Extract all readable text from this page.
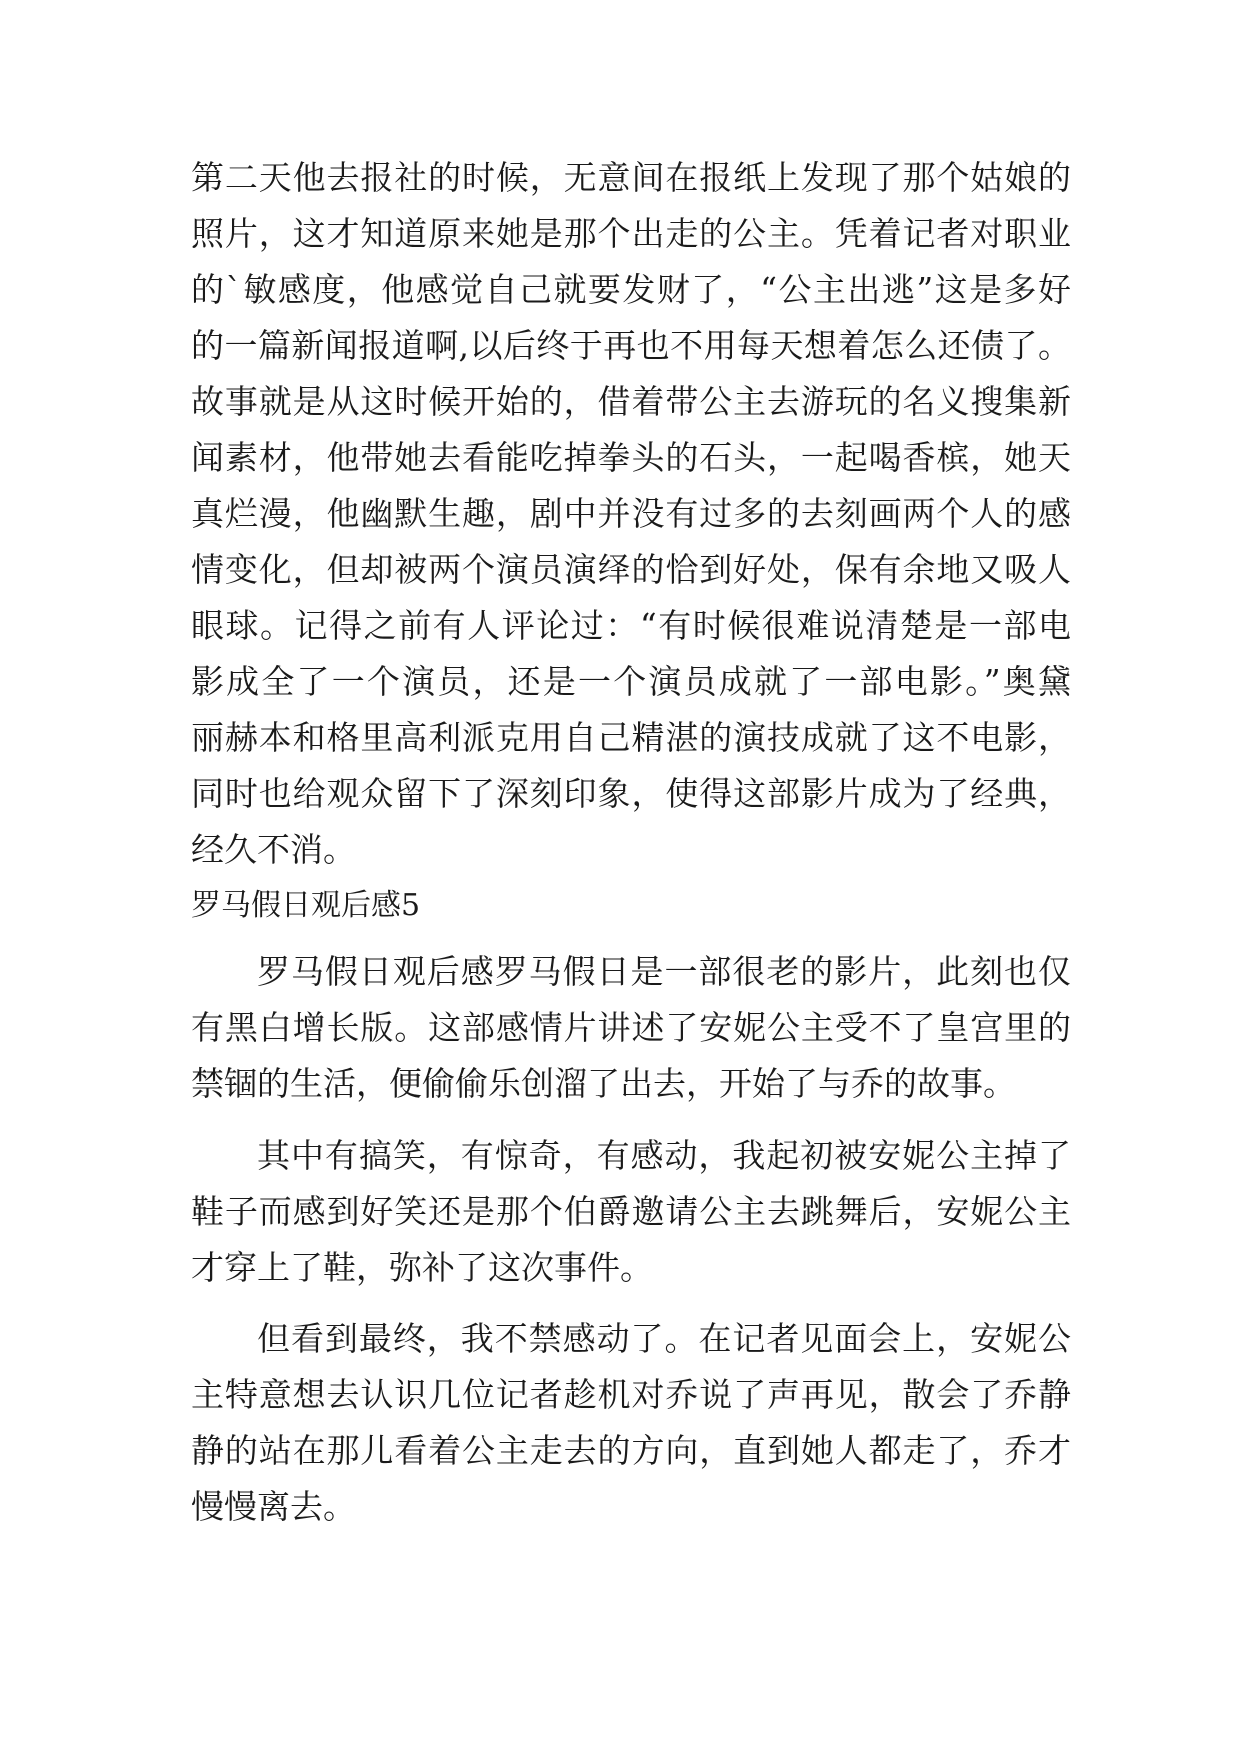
第二天他去报社的时候，无意间在报纸上发现了那个姑娘的
照片，这才知道原来她是那个出走的公主。凭着记者对职业
的`敏感度，他感觉自己就要发财了，“公主出逃”这是多好
的一篇新闻报道啊,以后终于再也不用每天想着怎么还债了。
故事就是从这时候开始的，借着带公主去游玩的名义搜集新
闻素材，他带她去看能吃掉拳头的石头，一起喝香槟，她天
真烂漫，他幽默生趣，剧中并没有过多的去刻画两个人的感
情变化，但却被两个演员演绎的恰到好处，保有余地又吸人
眼球。记得之前有人评论过：“有时候很难说清楚是一部电
影成全了一个演员，还是一个演员成就了一部电影。”奥黛
丽赫本和格里高利派克用自己精湛的演技成就了这不电影，
同时也给观众留下了深刻印象，使得这部影片成为了经典，
经久不消。
罗马假日观后感5
罗马假日观后感罗马假日是一部很老的影片，此刻也仅
有黑白增长版。这部感情片讲述了安妮公主受不了皇宫里的
禁锢的生活，便偷偷乐创溜了出去，开始了与乔的故事。
其中有搞笑，有惊奇，有感动，我起初被安妮公主掉了
鞋子而感到好笑还是那个伯爵邀请公主去跳舞后，安妮公主
才穿上了鞋，弥补了这次事件。
但看到最终，我不禁感动了。在记者见面会上，安妮公
主特意想去认识几位记者趁机对乔说了声再见，散会了乔静
静的站在那儿看着公主走去的方向，直到她人都走了，乔才
慢慢离去。
